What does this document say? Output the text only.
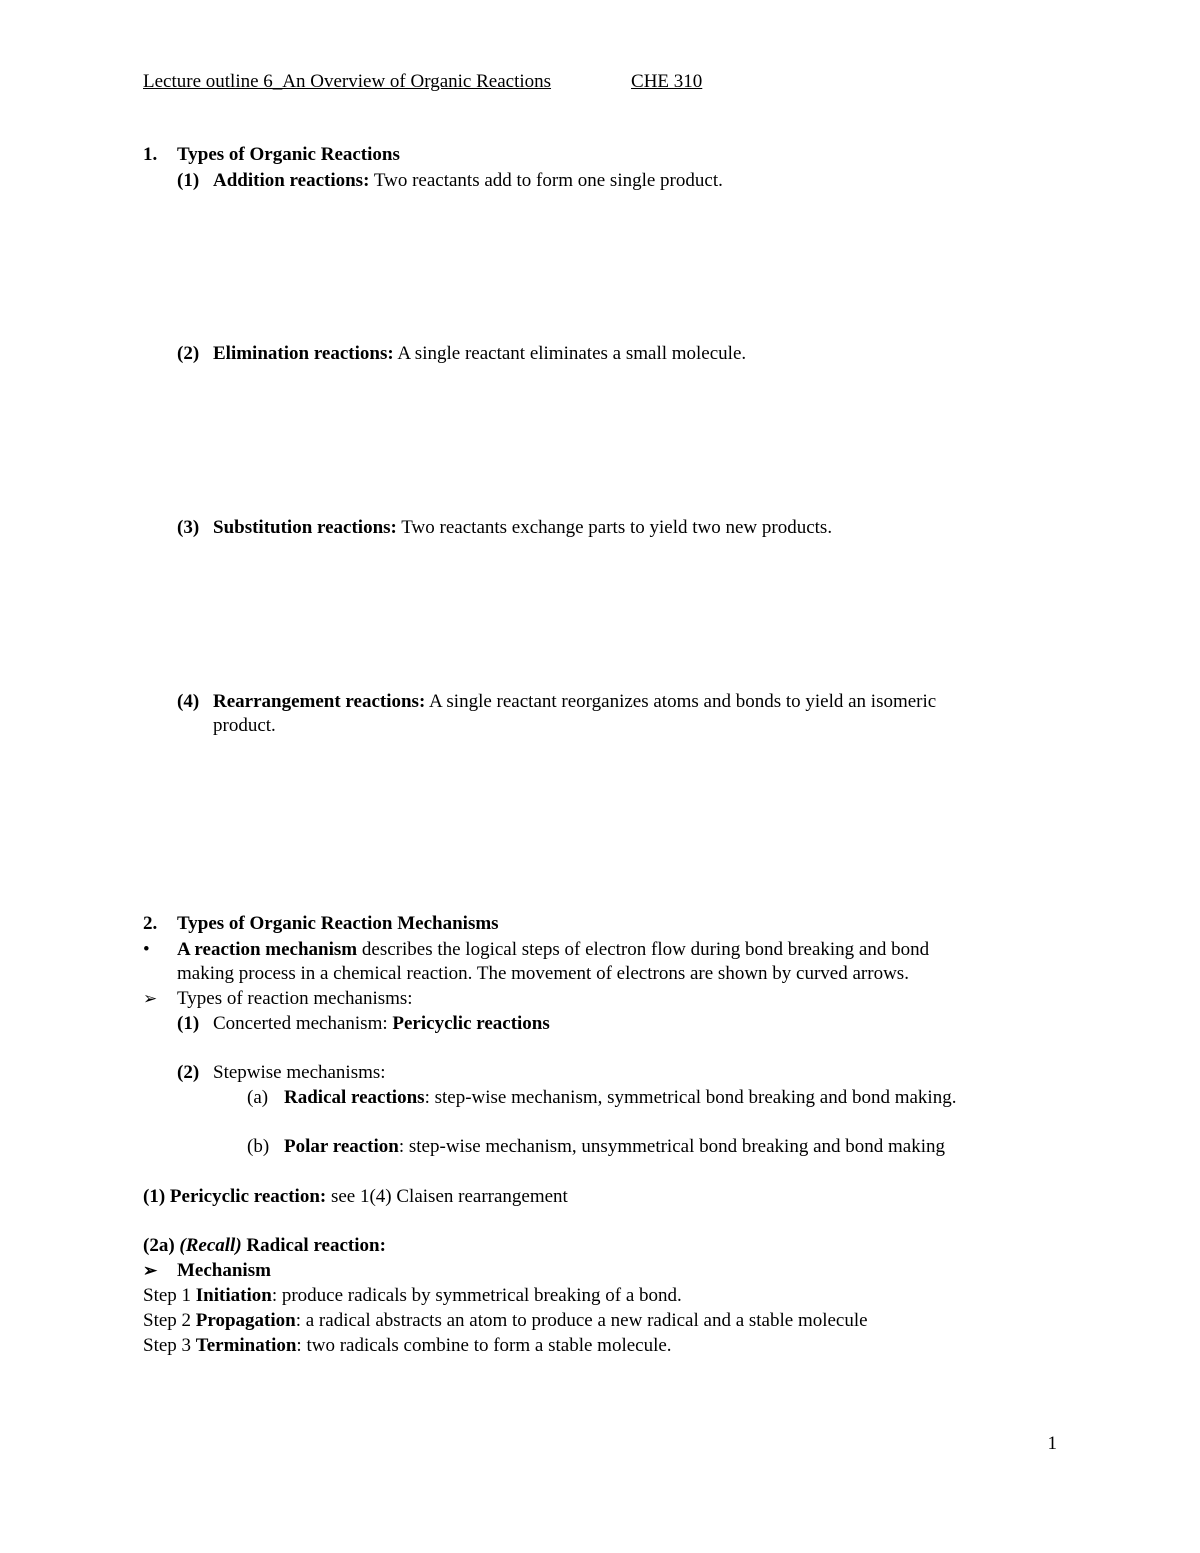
Lecture outline 6_An Overview of Organic Reactions	CHE 310
1. Types of Organic Reactions
(1) Addition reactions: Two reactants add to form one single product.
(2) Elimination reactions: A single reactant eliminates a small molecule.
(3) Substitution reactions: Two reactants exchange parts to yield two new products.
(4) Rearrangement reactions: A single reactant reorganizes atoms and bonds to yield an isomeric
product.
2. Types of Organic Reaction Mechanisms
• A reaction mechanism describes the logical steps of electron flow during bond breaking and bond
making process in a chemical reaction. The movement of electrons are shown by curved arrows.
➢ Types of reaction mechanisms:
(1) Concerted mechanism: Pericyclic reactions
(2) Stepwise mechanisms:
(a) Radical reactions: step-wise mechanism, symmetrical bond breaking and bond making.
(b) Polar reaction: step-wise mechanism, unsymmetrical bond breaking and bond making
(1) Pericyclic reaction: see 1(4) Claisen rearrangement
(2a) (Recall) Radical reaction:
➢ Mechanism
Step 1 Initiation: produce radicals by symmetrical breaking of a bond.
Step 2 Propagation: a radical abstracts an atom to produce a new radical and a stable molecule
Step 3 Termination: two radicals combine to form a stable molecule.
1
